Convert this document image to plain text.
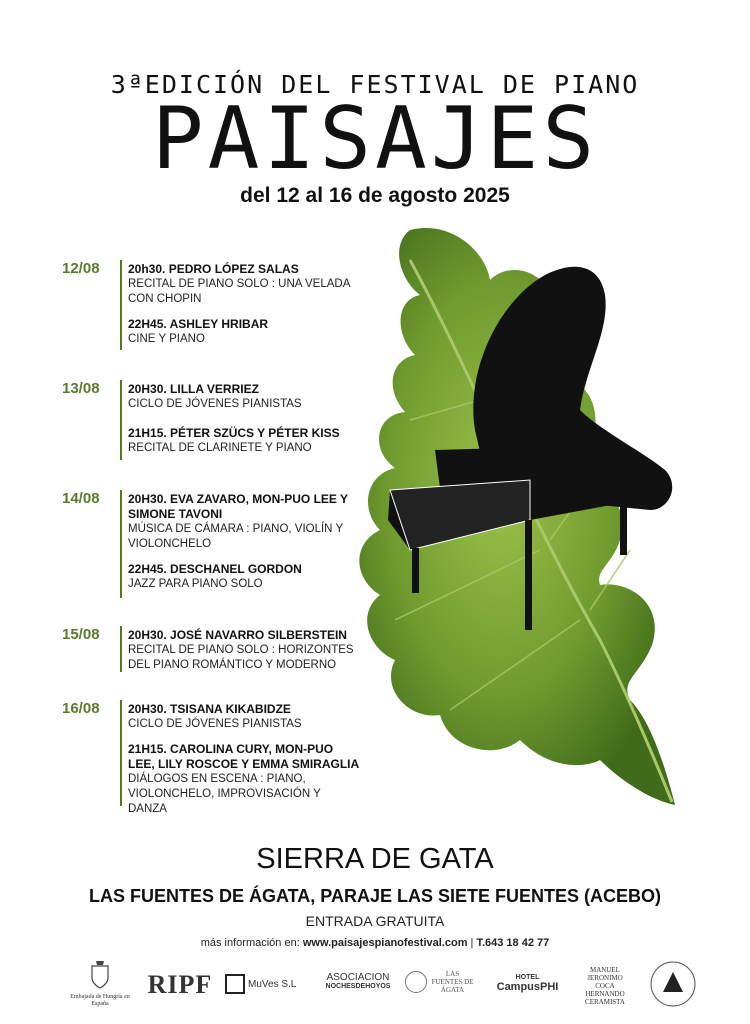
3ªEDICIÓN DEL FESTIVAL DE PIANO
PAISAJES
del 12 al 16 de agosto 2025
12/08	20h30. PEDRO LÓPEZ SALAS
RECITAL DE PIANO SOLO : UNA VELADA CON CHOPIN
22H45. ASHLEY HRIBAR
CINE Y PIANO
13/08	20H30. LILLA VERRIEZ
CICLO DE JÓVENES PIANISTAS
21H15. PÉTER SZÜCS Y PÉTER KISS
RECITAL DE CLARINETE Y PIANO
14/08	20H30. EVA ZAVARO, MON-PUO LEE Y SIMONE TAVONI
MÚSICA DE CÁMARA : PIANO, VIOLÍN Y VIOLONCHELO
22H45. DESCHANEL GORDON
JAZZ PARA PIANO SOLO
15/08	20H30. JOSÉ NAVARRO SILBERSTEIN
RECITAL DE PIANO SOLO : HORIZONTES DEL PIANO ROMÁNTICO Y MODERNO
16/08	20H30. TSISANA KIKABIDZE
CICLO DE JÓVENES PIANISTAS
21H15. CAROLINA CURY, MON-PUO LEE, LILY ROSCOE Y EMMA SMIRAGLIA
DIÁLOGOS EN ESCENA : PIANO, VIOLONCHELO, IMPROVISACIÓN Y DANZA
SIERRA DE GATA
LAS FUENTES DE ÁGATA, PARAJE LAS SIETE FUENTES (ACEBO)
ENTRADA GRATUITA
más información en: www.paisajespianofestival.com | T.643 18 42 77
Embajada de Hungría en España
RIPF	MuVes S.L
ASOCIACION
NOCHESDEHOYOS
LAS FUENTES DE ÁGATA
HOTEL
CampusPHI
MANUEL
JERONIMO
COCA
HERNANDO
CERAMISTA
